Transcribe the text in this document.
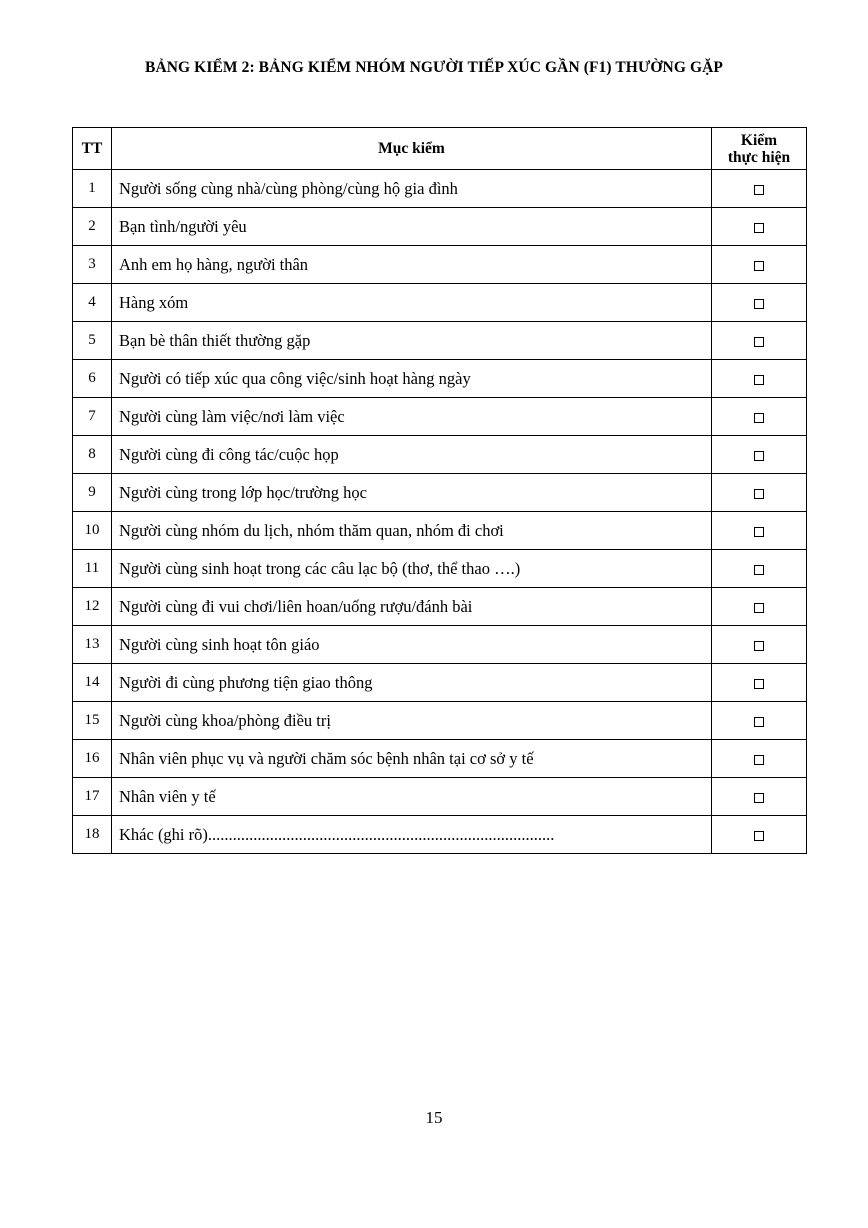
BẢNG KIỂM 2: BẢNG KIỂM NHÓM NGƯỜI TIẾP XÚC GẦN (F1) THƯỜNG GẶP
TT	Mục kiểm	Kiểm
thực hiện

1	Người sống cùng nhà/cùng phòng/cùng hộ gia đình	
2	Bạn tình/người yêu	
3	Anh em họ hàng, người thân	
4	Hàng xóm	
5	Bạn bè thân thiết thường gặp	
6	Người có tiếp xúc qua công việc/sinh hoạt hàng ngày	
7	Người cùng làm việc/nơi làm việc	
8	Người cùng đi công tác/cuộc họp	
9	Người cùng trong lớp học/trường học	
10	Người cùng nhóm du lịch, nhóm thăm quan, nhóm đi chơi	
11	Người cùng sinh hoạt trong các câu lạc bộ (thơ, thể thao ….)	
12	Người cùng đi vui chơi/liên hoan/uống rượu/đánh bài	
13	Người cùng sinh hoạt tôn giáo	
14	Người đi cùng phương tiện giao thông	
15	Người cùng khoa/phòng điều trị	
16	Nhân viên phục vụ và người chăm sóc bệnh nhân tại cơ sở y tế	
17	Nhân viên y tế	
18	Khác (ghi rõ)....................................................................................	
15
